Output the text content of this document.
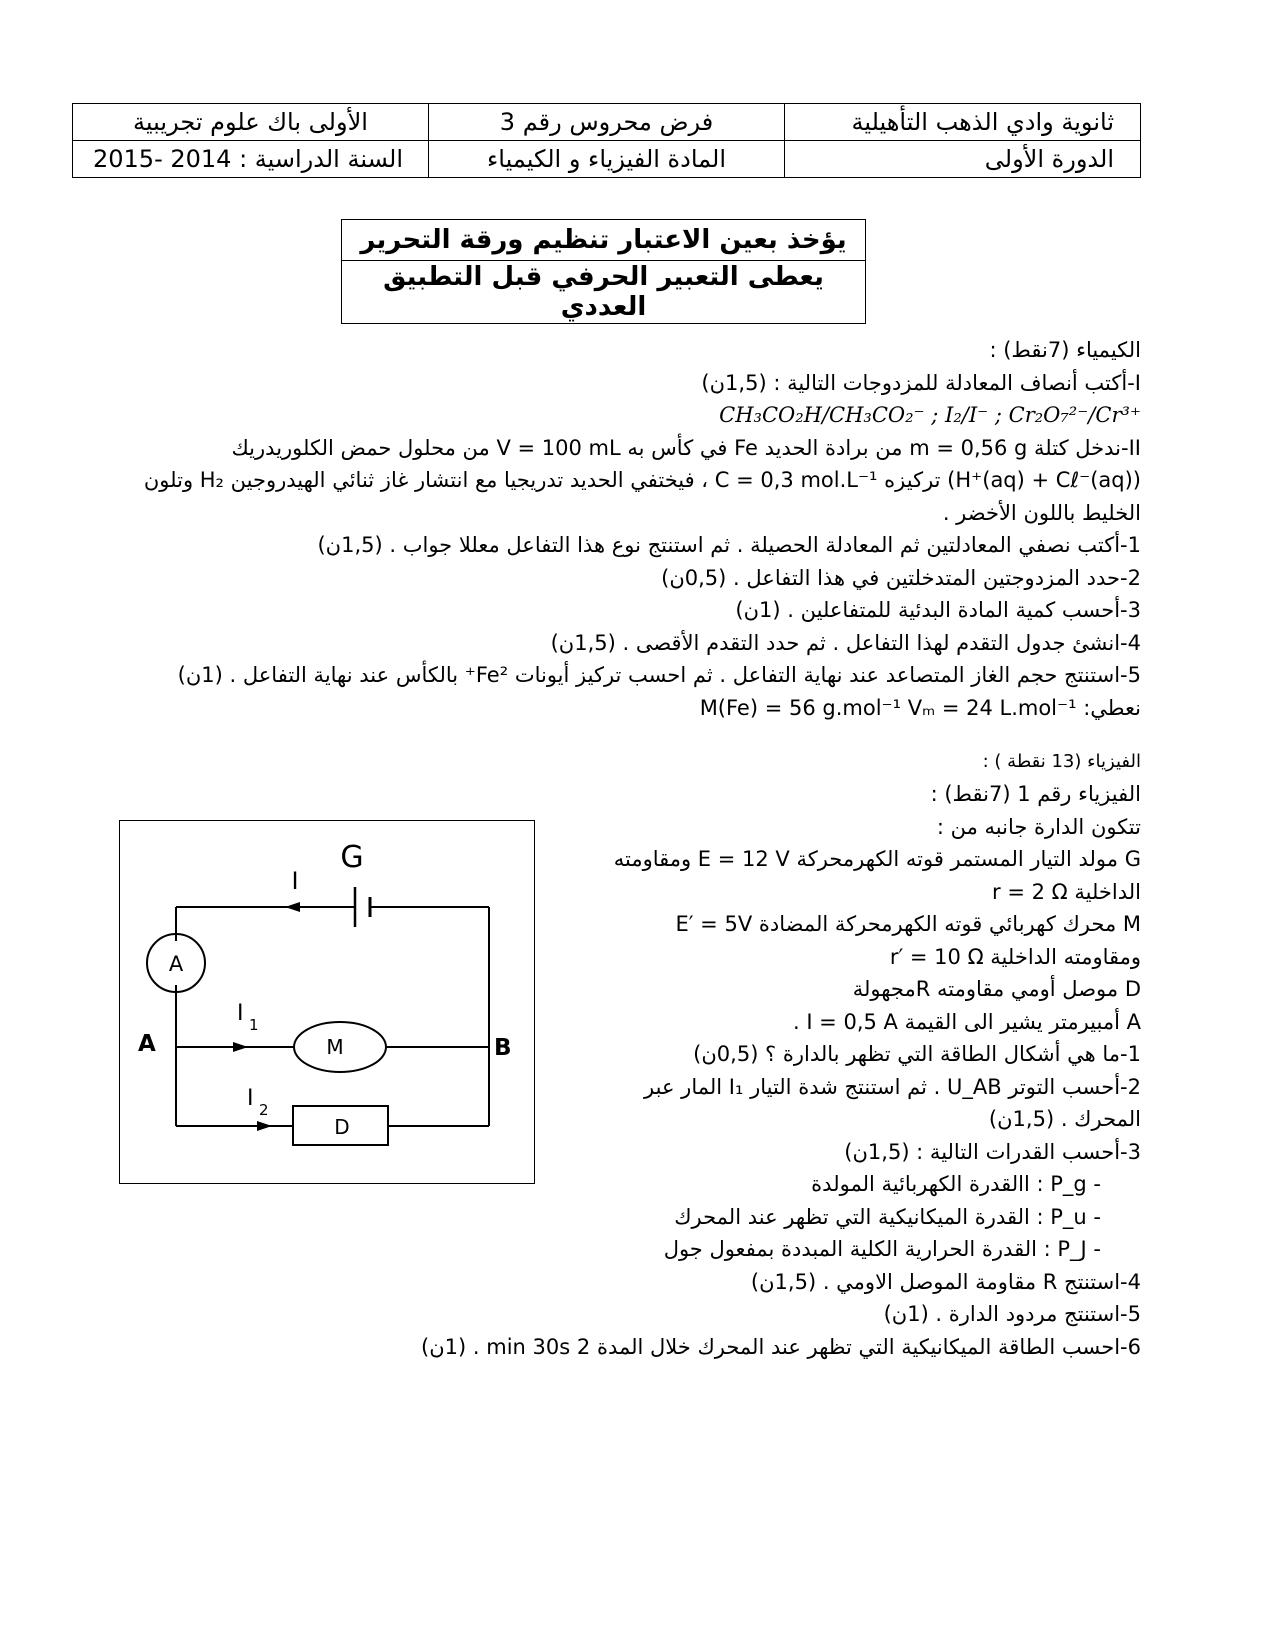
ثانوية وادي الذهب التأهيلية	فرض محروس رقم 3	الأولى باك علوم تجريبية
الدورة الأولى	المادة الفيزياء و الكيمياء	السنة الدراسية : 2014 -2015
يؤخذ بعين الاعتبار تنظيم ورقة التحرير
يعطى التعبير الحرفي قبل التطبيق العددي
الكيمياء (7نقط) :
I-أكتب أنصاف المعادلة للمزدوجات التالية : (1,5ن)
CH₃CO₂H/CH₃CO₂⁻ ; I₂/I⁻ ; Cr₂O₇²⁻/Cr³⁺
II-ندخل كتلة m = 0,56 g من برادة الحديد Fe في كأس به V = 100 mL من محلول حمض الكلوريدريك
(H⁺(aq) + Cℓ⁻(aq)) تركيزه C = 0,3 mol.L⁻¹ ، فيختفي الحديد تدريجيا مع انتشار غاز ثنائي الهيدروجين H₂ وتلون
الخليط باللون الأخضر .
1-أكتب نصفي المعادلتين ثم المعادلة الحصيلة . ثم استنتج نوع هذا التفاعل معللا جواب . (1,5ن)
2-حدد المزدوجتين المتدخلتين في هذا التفاعل . (0,5ن)
3-أحسب كمية المادة البدئية للمتفاعلين . (1ن)
4-انشئ جدول التقدم لهذا التفاعل . ثم حدد التقدم الأقصى . (1,5ن)
5-استنتج حجم الغاز المتصاعد عند نهاية التفاعل . ثم احسب تركيز أيونات Fe²⁺ بالكأس عند نهاية التفاعل . (1ن)
نعطي: M(Fe) = 56 g.mol⁻¹ Vₘ = 24 L.mol⁻¹
الفيزياء (13 نقطة ) :
الفيزياء رقم 1 (7نقط) :
تتكون الدارة جانبه من :
G مولد التيار المستمر قوته الكهرمحركة E = 12 V ومقاومته
الداخلية r = 2 Ω
M محرك كهربائي قوته الكهرمحركة المضادة E′ = 5V
ومقاومته الداخلية r′ = 10 Ω
D موصل أومي مقاومته Rمجهولة
A أمبيرمتر يشير الى القيمة I = 0,5 A .
1-ما هي أشكال الطاقة التي تظهر بالدارة ؟ (0,5ن)
2-أحسب التوتر U_AB . ثم استنتج شدة التيار I₁ المار عبر
المحرك . (1,5ن)
3-أحسب القدرات التالية : (1,5ن)
- P_g : االقدرة الكهربائية المولدة
- P_u : القدرة الميكانيكية التي تظهر عند المحرك
- P_J : القدرة الحرارية الكلية المبددة بمفعول جول
4-استنتج R مقاومة الموصل الاومي . (1,5ن)
5-استنتج مردود الدارة . (1ن)
6-احسب الطاقة الميكانيكية التي تظهر عند المحرك خلال المدة 2 min 30s . (1ن)
G
I
A
A	B
I 1
I 2
M
D
